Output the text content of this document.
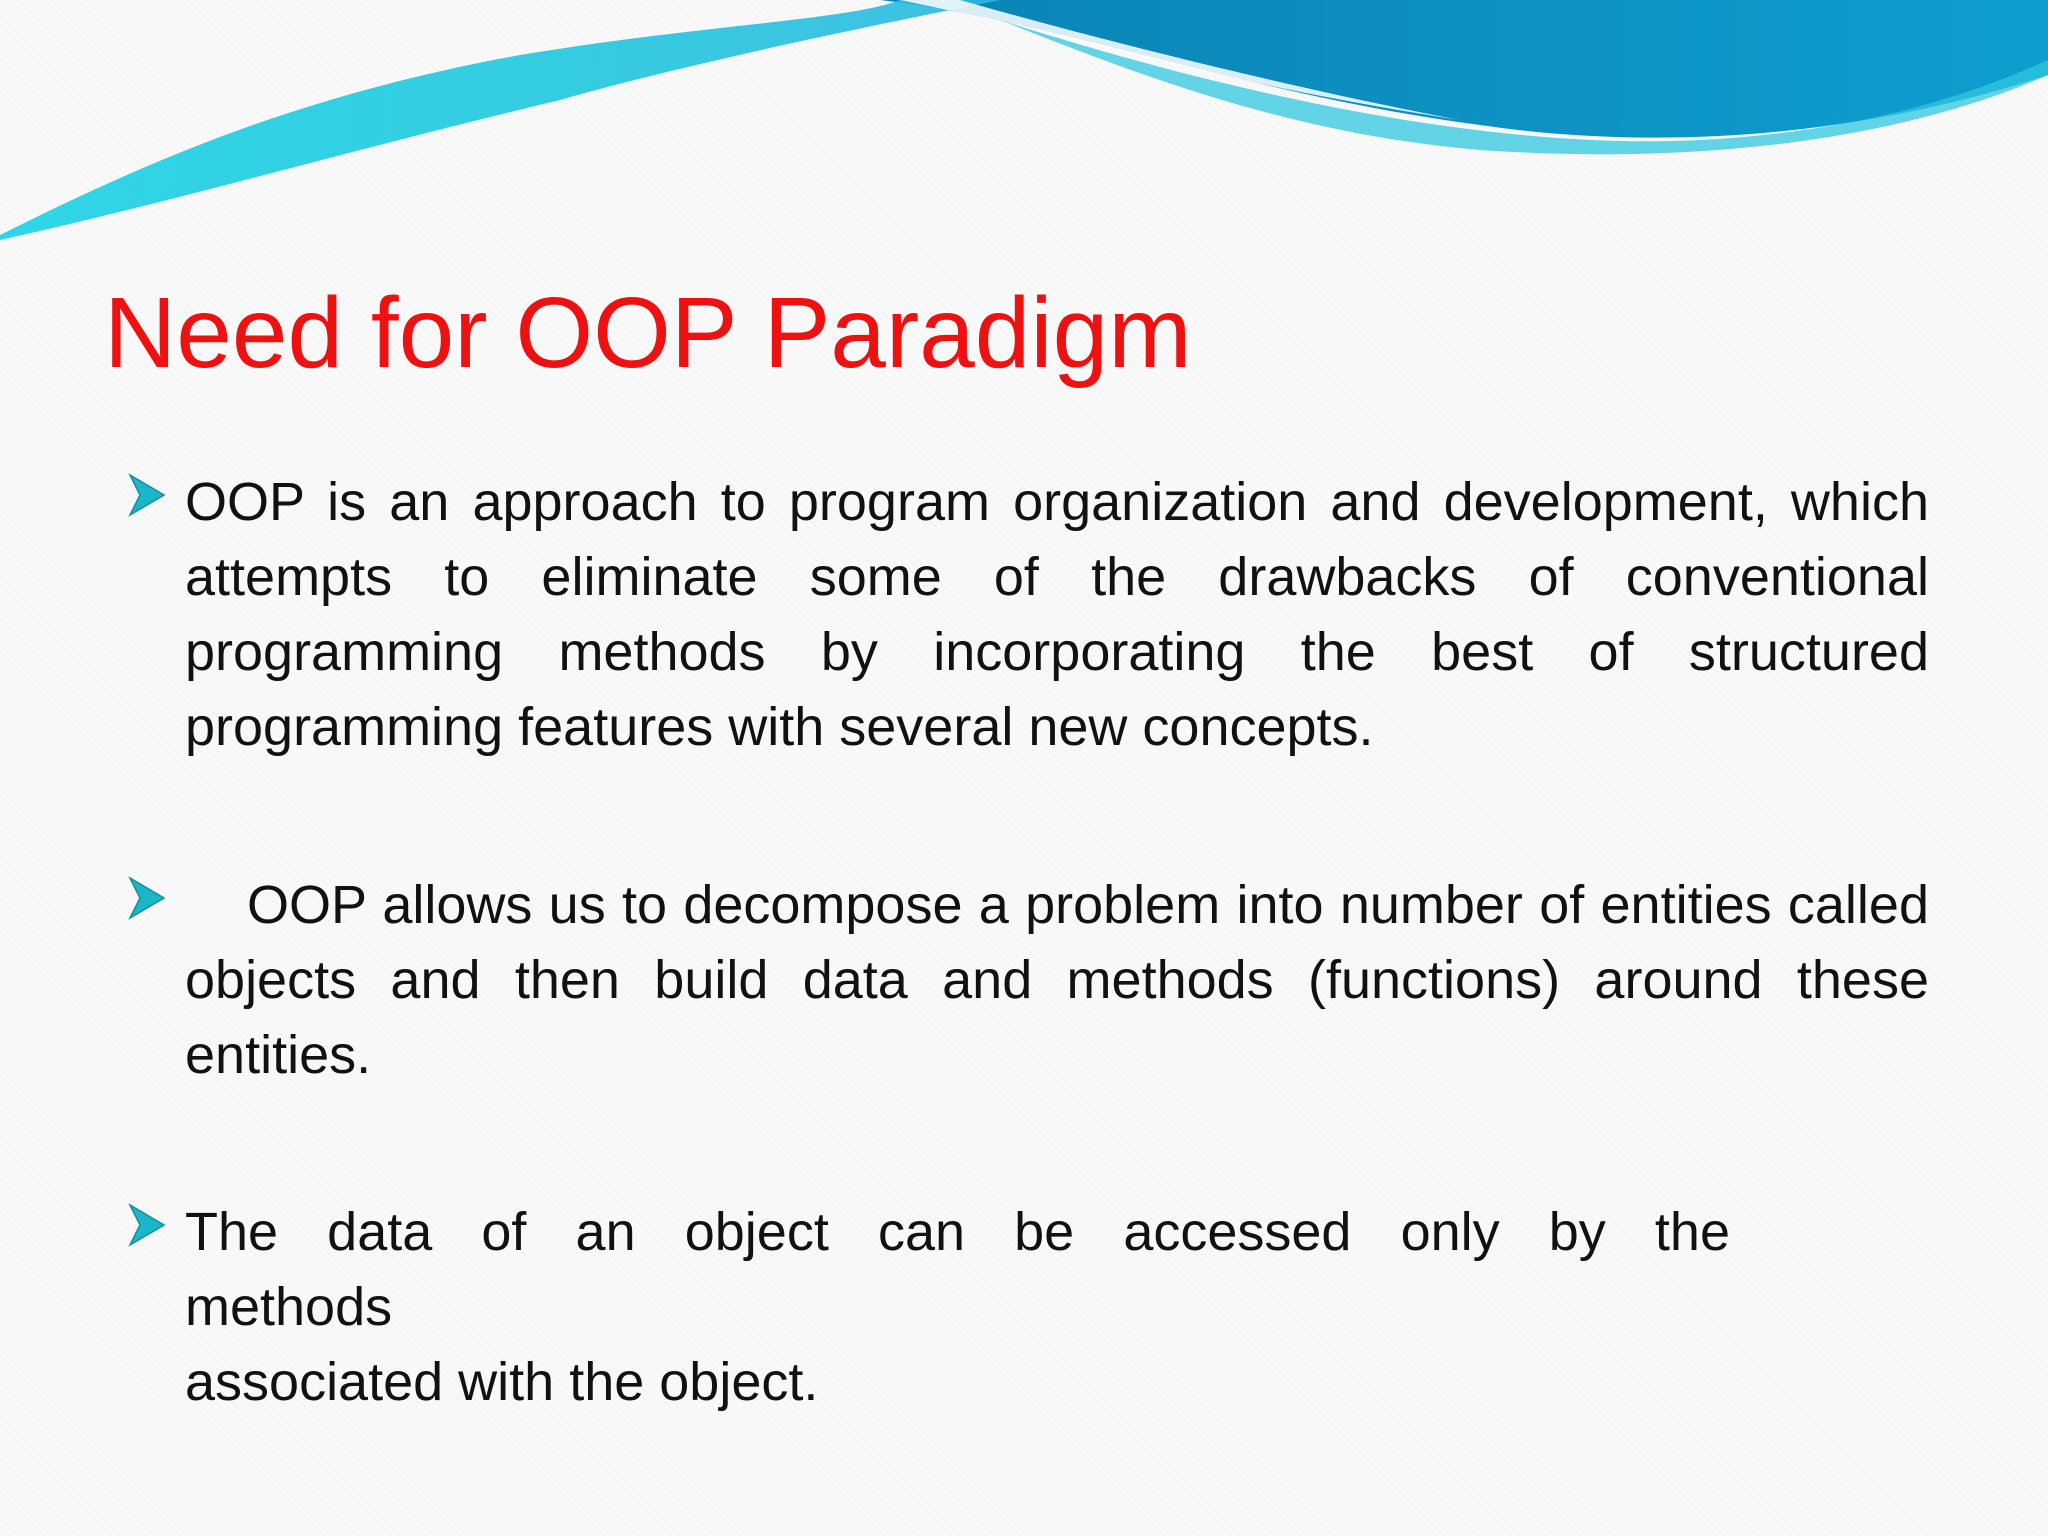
Need for OOP Paradigm

OOP is an approach to program organization and development, which attempts to eliminate some of the drawbacks of conventional programming methods by incorporating the best of structured programming features with several new concepts.

OOP allows us to decompose a problem into number of entities called objects and then build data and methods (functions) around these entities.

The data of an object can be accessed only by the
methods
associated with the object.
